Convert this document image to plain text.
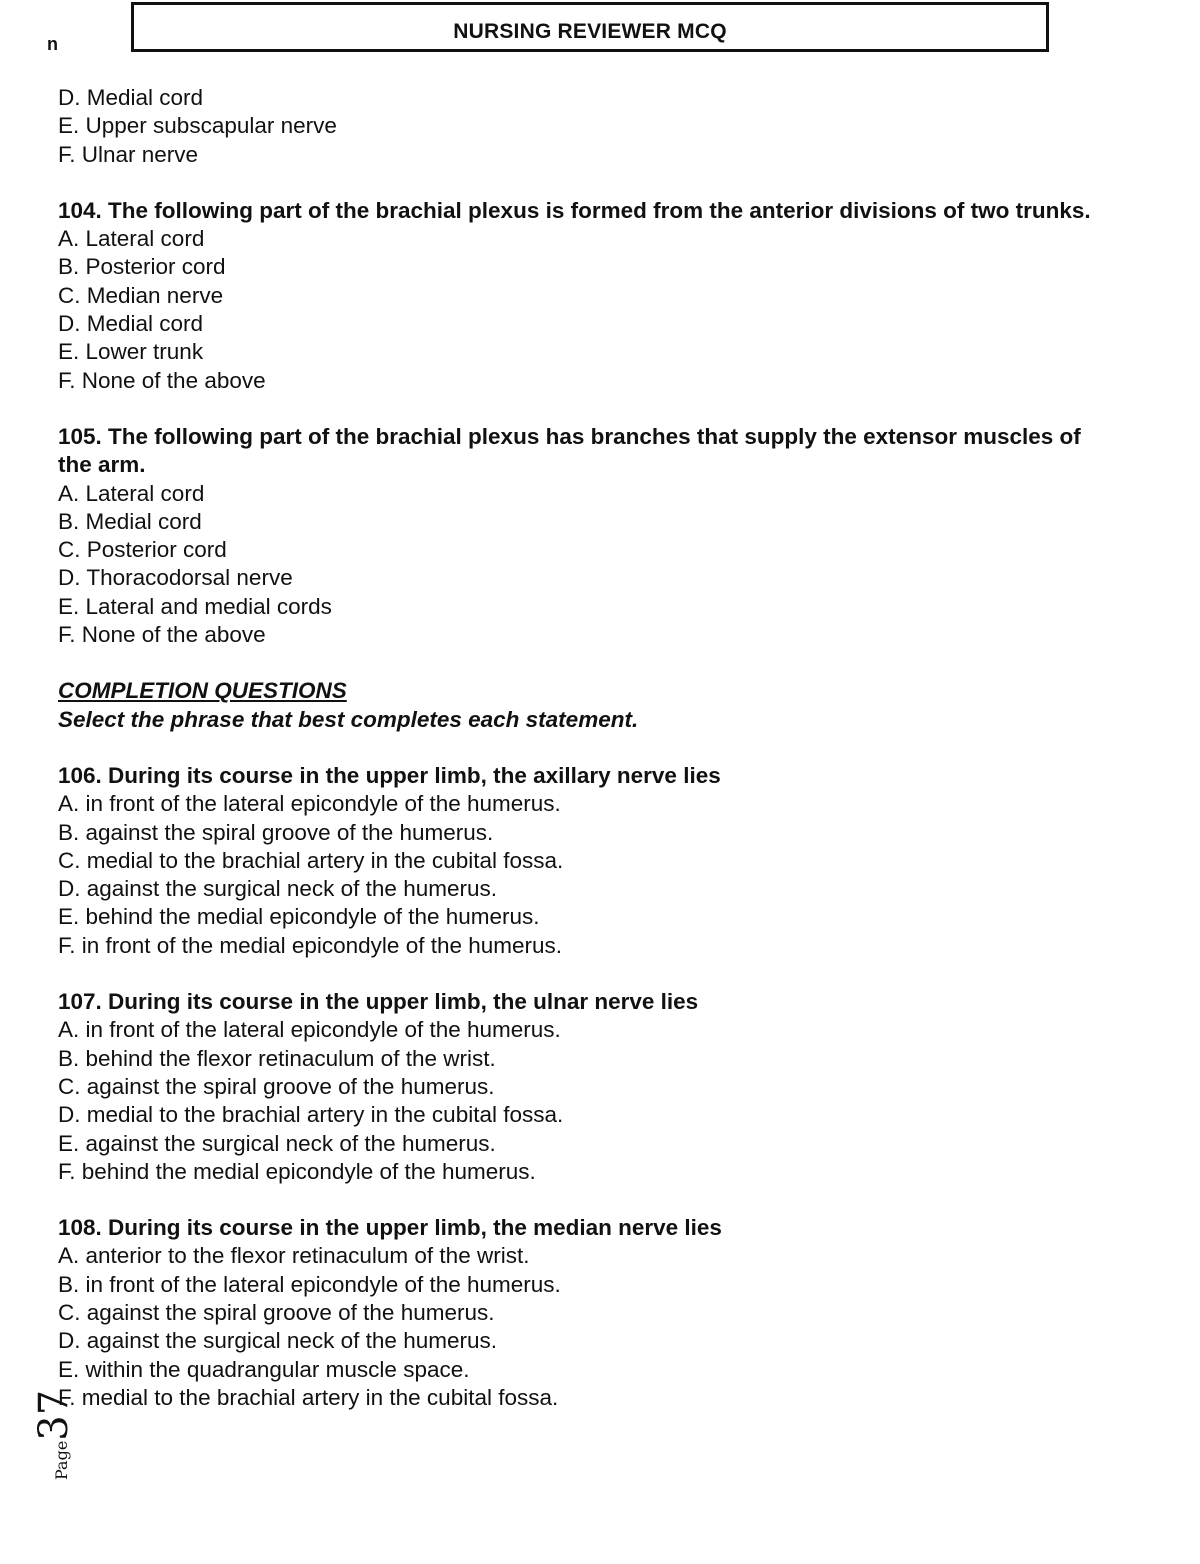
n
NURSING REVIEWER MCQ
D. Medial cord
E. Upper subscapular nerve
F. Ulnar nerve
104. The following part of the brachial plexus is formed from the anterior divisions of two trunks.
A. Lateral cord
B. Posterior cord
C. Median nerve
D. Medial cord
E. Lower trunk
F. None of the above
105. The following part of the brachial plexus has branches that supply the extensor muscles of the arm.
A. Lateral cord
B. Medial cord
C. Posterior cord
D. Thoracodorsal nerve
E. Lateral and medial cords
F. None of the above
COMPLETION QUESTIONS
Select the phrase that best completes each statement.
106. During its course in the upper limb, the axillary nerve lies
A. in front of the lateral epicondyle of the humerus.
B. against the spiral groove of the humerus.
C. medial to the brachial artery in the cubital fossa.
D. against the surgical neck of the humerus.
E. behind the medial epicondyle of the humerus.
F. in front of the medial epicondyle of the humerus.
107. During its course in the upper limb, the ulnar nerve lies
A. in front of the lateral epicondyle of the humerus.
B. behind the flexor retinaculum of the wrist.
C. against the spiral groove of the humerus.
D. medial to the brachial artery in the cubital fossa.
E. against the surgical neck of the humerus.
F. behind the medial epicondyle of the humerus.
108. During its course in the upper limb, the median nerve lies
A. anterior to the flexor retinaculum of the wrist.
B. in front of the lateral epicondyle of the humerus.
C. against the spiral groove of the humerus.
D. against the surgical neck of the humerus.
E. within the quadrangular muscle space.
F. medial to the brachial artery in the cubital fossa.
Page37
